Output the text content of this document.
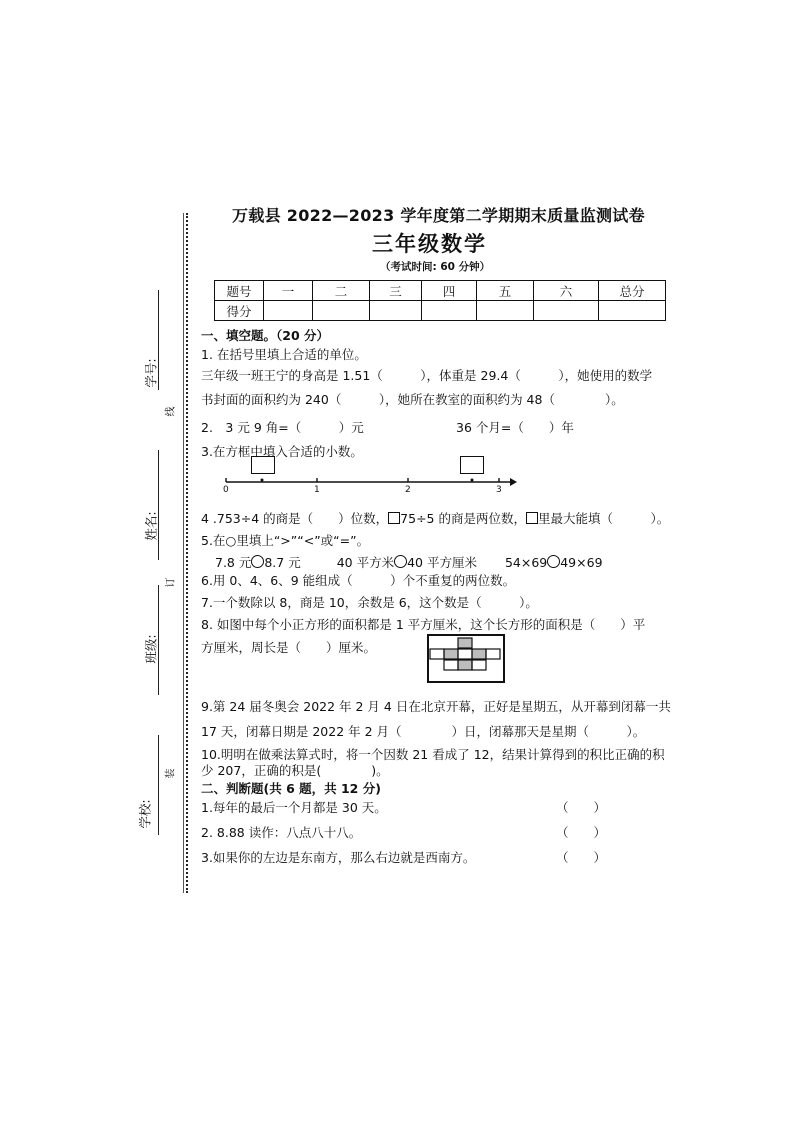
学校:
班级:
姓名:
学号:
装
订
线
万载县 2022—2023 学年度第二学期期末质量监测试卷
三年级数学
（考试时间: 60 分钟）
题号	一	二	三	四	五	六	总分
得分							
一、填空题。（20 分）
1. 在括号里填上合适的单位。
三年级一班王宁的身高是 1.51（　　　），体重是 29.4（　　　），她使用的数学
书封面的面积约为 240（　　　），她所在教室的面积约为 48（　　　　）。
2.　3 元 9 角=（　　　）元	36 个月=（　　）年
3.在方框中填入合适的小数。
0	1	2	3
4 .753÷4 的商是（　　）位数， 75÷5 的商是两位数， 里最大能填（　　　）。
5.在○里填上“>”“<”或“=”。
7.8 元 8.7 元	40 平方米 40 平方厘米 54×69 49×69
6.用 0、4、6、9 能组成（　　　）个不重复的两位数。
7.一个数除以 8，商是 10，余数是 6，这个数是（　　　）。
8. 如图中每个小正方形的面积都是 1 平方厘米，这个长方形的面积是（　　）平
方厘米，周长是（　　）厘米。
9.第 24 届冬奥会 2022 年 2 月 4 日在北京开幕，正好是星期五，从开幕到闭幕一共
17 天，闭幕日期是 2022 年 2 月（　　　　）日，闭幕那天是星期（　　　）。
10.明明在做乘法算式时，将一个因数 21 看成了 12，结果计算得到的积比正确的积
少 207，正确的积是(　　　　)。
二、判断题(共 6 题，共 12 分)
1.每年的最后一个月都是 30 天。	（　　）
2. 8.88 读作：八点八十八。	（　　）
3.如果你的左边是东南方，那么右边就是西南方。	（　　）
